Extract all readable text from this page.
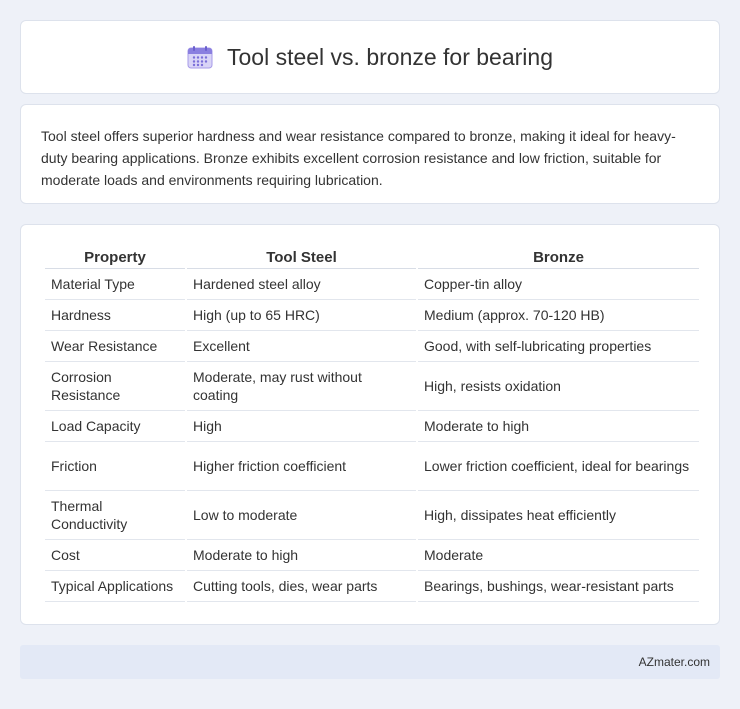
Tool steel vs. bronze for bearing

Tool steel offers superior hardness and wear resistance compared to bronze, making it ideal for heavy-duty bearing applications. Bronze exhibits excellent corrosion resistance and low friction, suitable for moderate loads and environments requiring lubrication.

Property	Tool Steel	Bronze
Material Type	Hardened steel alloy	Copper-tin alloy
Hardness	High (up to 65 HRC)	Medium (approx. 70-120 HB)
Wear Resistance	Excellent	Good, with self-lubricating properties
Corrosion Resistance	Moderate, may rust without coating	High, resists oxidation
Load Capacity	High	Moderate to high
Friction	Higher friction coefficient	Lower friction coefficient, ideal for bearings
Thermal Conductivity	Low to moderate	High, dissipates heat efficiently
Cost	Moderate to high	Moderate
Typical Applications	Cutting tools, dies, wear parts	Bearings, bushings, wear-resistant parts
AZmater.com
